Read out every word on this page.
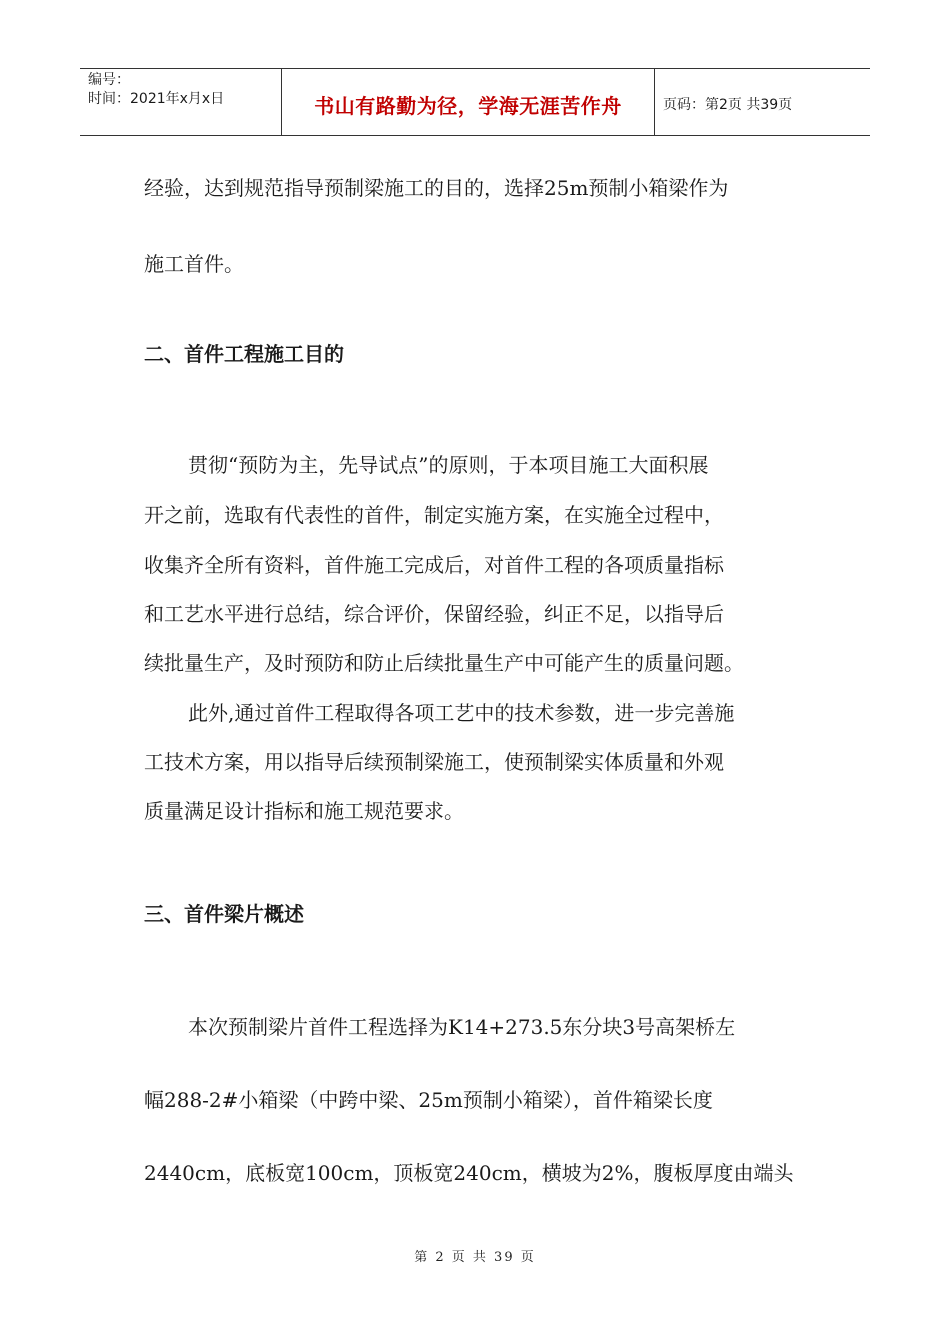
编号：
时间：2021年x月x日	书山有路勤为径，学海无涯苦作舟	页码：第2页 共39页
经验，达到规范指导预制梁施工的目的，选择25m预制小箱梁作为
施工首件。
二、首件工程施工目的
贯彻“预防为主，先导试点”的原则，于本项目施工大面积展
开之前，选取有代表性的首件，制定实施方案，在实施全过程中，
收集齐全所有资料，首件施工完成后，对首件工程的各项质量指标
和工艺水平进行总结，综合评价，保留经验，纠正不足，以指导后
续批量生产，及时预防和防止后续批量生产中可能产生的质量问题。
此外,通过首件工程取得各项工艺中的技术参数，进一步完善施
工技术方案，用以指导后续预制梁施工，使预制梁实体质量和外观
质量满足设计指标和施工规范要求。
三、首件梁片概述
本次预制梁片首件工程选择为K14+273.5东分块3号高架桥左
幅288-2#小箱梁（中跨中梁、25m预制小箱梁），首件箱梁长度
2440cm，底板宽100cm，顶板宽240cm，横坡为2%，腹板厚度由端头
第 2 页 共 39 页
